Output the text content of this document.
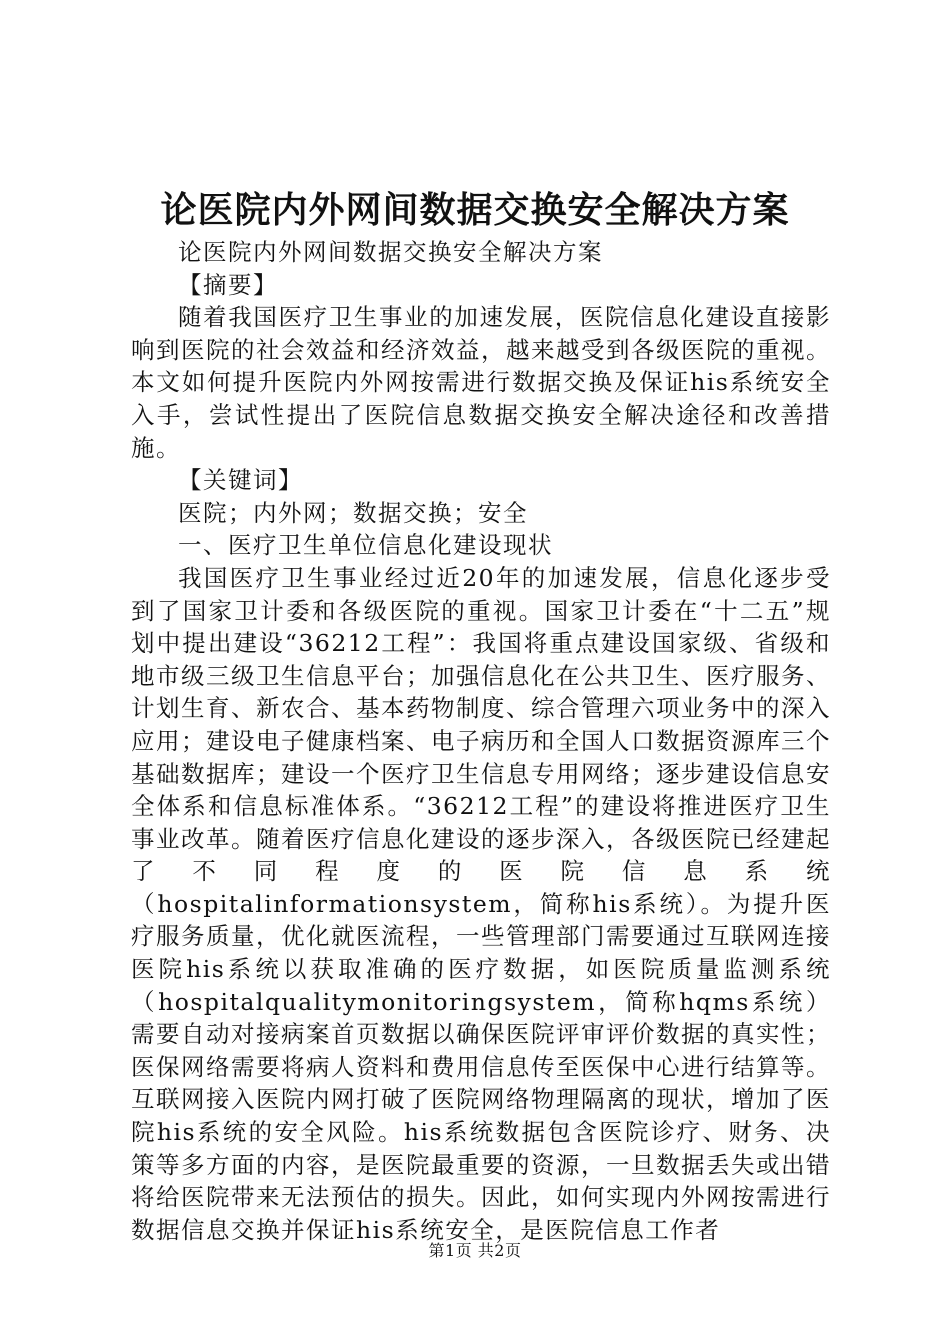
论医院内外网间数据交换安全解决方案

论医院内外网间数据交换安全解决方案

【摘要】

随着我国医疗卫生事业的加速发展，医院信息化建设直接影响到医院的社会效益和经济效益，越来越受到各级医院的重视。本文如何提升医院内外网按需进行数据交换及保证his系统安全入手，尝试性提出了医院信息数据交换安全解决途径和改善措施。

【关键词】

医院；内外网；数据交换；安全

一、医疗卫生单位信息化建设现状

我国医疗卫生事业经过近20年的加速发展，信息化逐步受到了国家卫计委和各级医院的重视。国家卫计委在“十二五”规划中提出建设“36212工程”：我国将重点建设国家级、省级和地市级三级卫生信息平台；加强信息化在公共卫生、医疗服务、计划生育、新农合、基本药物制度、综合管理六项业务中的深入应用；建设电子健康档案、电子病历和全国人口数据资源库三个基础数据库；建设一个医疗卫生信息专用网络；逐步建设信息安全体系和信息标准体系。“36212工程”的建设将推进医疗卫生事业改革。随着医疗信息化建设的逐步深入，各级医院已经建起了不同程度的医院信息系统（hospitalinformationsystem，简称his系统）。为提升医疗服务质量，优化就医流程，一些管理部门需要通过互联网连接医院his系统以获取准确的医疗数据，如医院质量监测系统（hospitalqualitymonitoringsystem，简称hqms系统）需要自动对接病案首页数据以确保医院评审评价数据的真实性；医保网络需要将病人资料和费用信息传至医保中心进行结算等。互联网接入医院内网打破了医院网络物理隔离的现状，增加了医院his系统的安全风险。his系统数据包含医院诊疗、财务、决策等多方面的内容，是医院最重要的资源，一旦数据丢失或出错将给医院带来无法预估的损失。因此，如何实现内外网按需进行数据信息交换并保证his系统安全，是医院信息工作者

第1页 共2页
